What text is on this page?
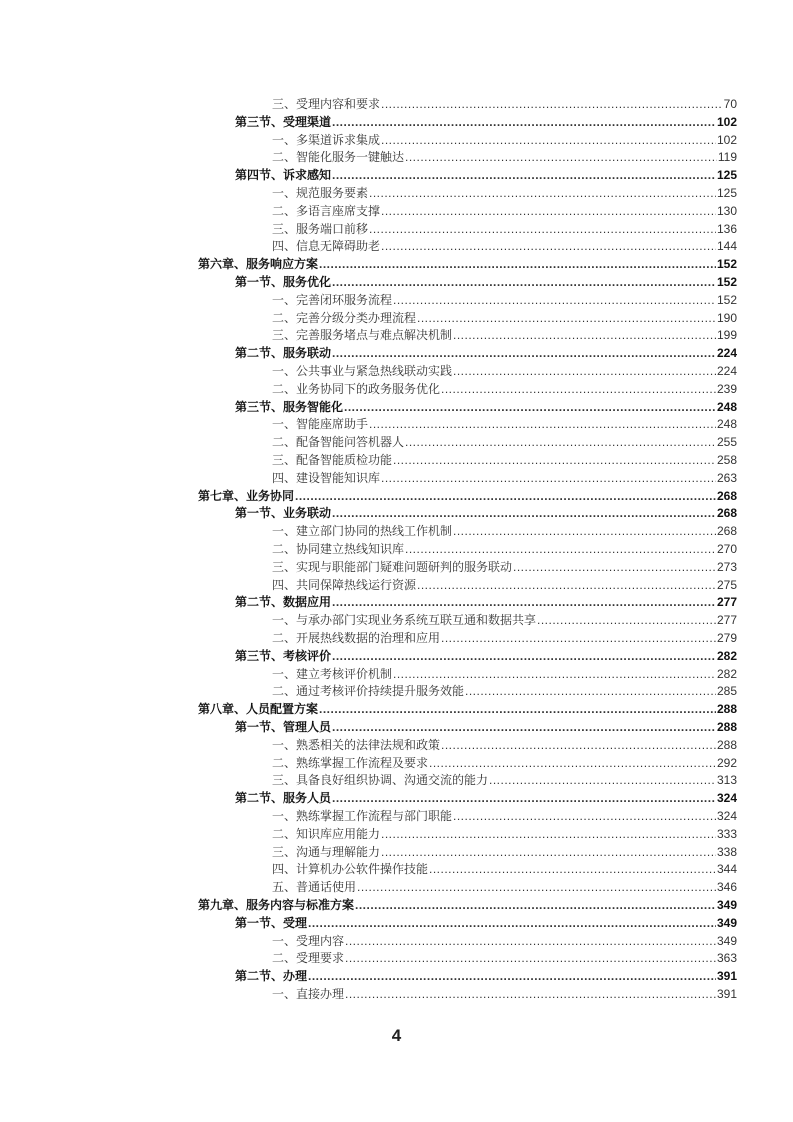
三、受理内容和要求 .....	70
第三节、受理渠道 .....	102
一、多渠道诉求集成 .....	102
二、智能化服务一键触达 .....	119
第四节、诉求感知 .....	125
一、规范服务要素 .....	125
二、多语言座席支撑 .....	130
三、服务端口前移 .....	136
四、信息无障碍助老 .....	144
第六章、服务响应方案 .....	152
第一节、服务优化 .....	152
一、完善闭环服务流程 .....	152
二、完善分级分类办理流程 .....	190
三、完善服务堵点与难点解决机制 .....	199
第二节、服务联动 .....	224
一、公共事业与紧急热线联动实践 .....	224
二、业务协同下的政务服务优化 .....	239
第三节、服务智能化 .....	248
一、智能座席助手 .....	248
二、配备智能问答机器人 .....	255
三、配备智能质检功能 .....	258
四、建设智能知识库 .....	263
第七章、业务协同 .....	268
第一节、业务联动 .....	268
一、建立部门协同的热线工作机制 .....	268
二、协同建立热线知识库 .....	270
三、实现与职能部门疑难问题研判的服务联动 .....	273
四、共同保障热线运行资源 .....	275
第二节、数据应用 .....	277
一、与承办部门实现业务系统互联互通和数据共享 .....	277
二、开展热线数据的治理和应用 .....	279
第三节、考核评价 .....	282
一、建立考核评价机制 .....	282
二、通过考核评价持续提升服务效能 .....	285
第八章、人员配置方案 .....	288
第一节、管理人员 .....	288
一、熟悉相关的法律法规和政策 .....	288
二、熟练掌握工作流程及要求 .....	292
三、具备良好组织协调、沟通交流的能力 .....	313
第二节、服务人员 .....	324
一、熟练掌握工作流程与部门职能 .....	324
二、知识库应用能力 .....	333
三、沟通与理解能力 .....	338
四、计算机办公软件操作技能 .....	344
五、普通话使用 .....	346
第九章、服务内容与标准方案 .....	349
第一节、受理 .....	349
一、受理内容 .....	349
二、受理要求 .....	363
第二节、办理 .....	391
一、直接办理 .....	391
4
